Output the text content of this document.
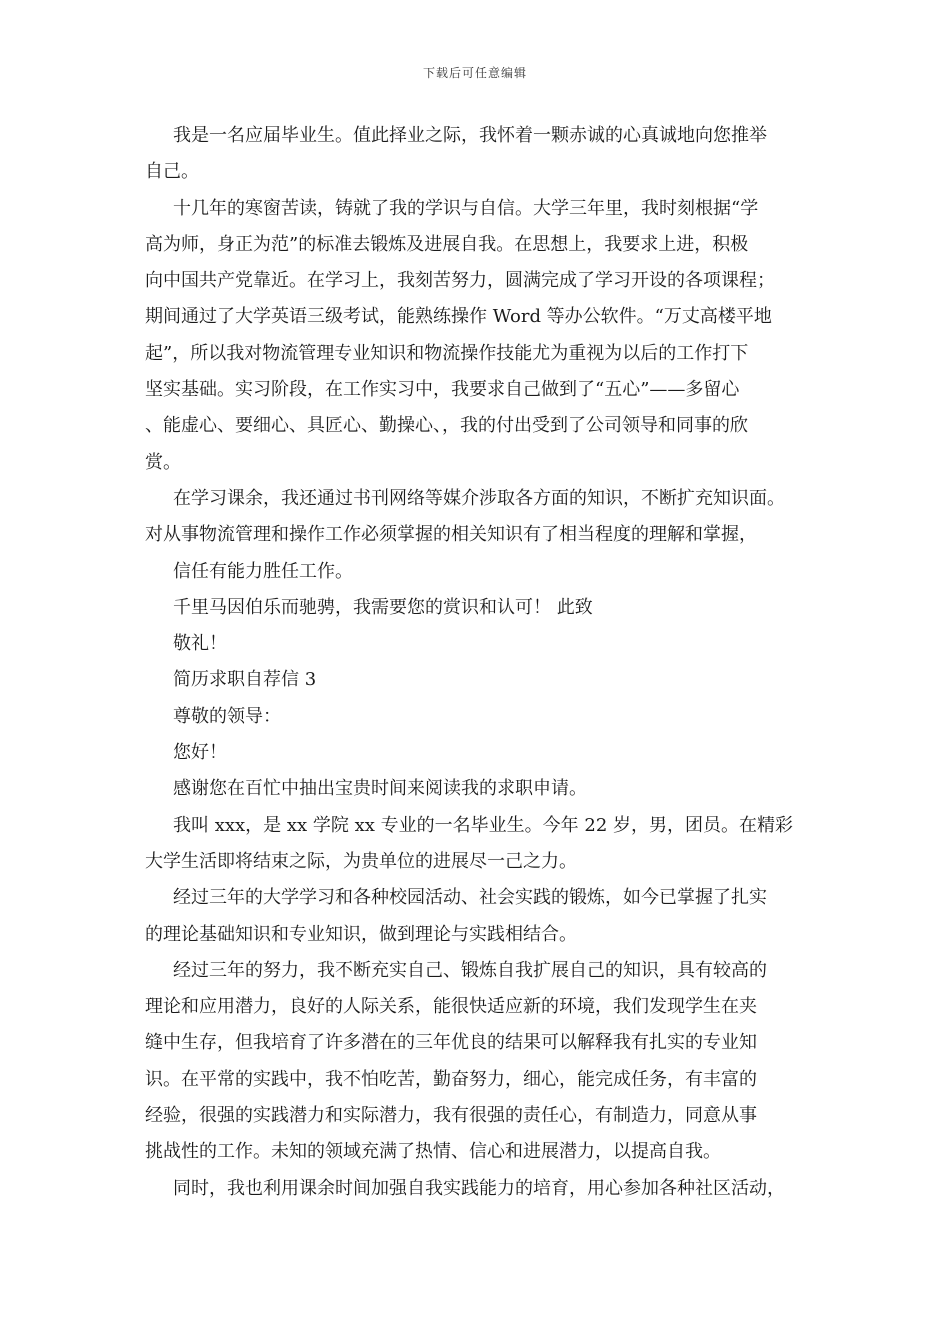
下载后可任意编辑
我是一名应届毕业生。值此择业之际，我怀着一颗赤诚的心真诚地向您推举
自己。
十几年的寒窗苦读，铸就了我的学识与自信。大学三年里，我时刻根据“学
高为师，身正为范”的标准去锻炼及进展自我。在思想上，我要求上进，积极
向中国共产党靠近。在学习上，我刻苦努力，圆满完成了学习开设的各项课程；
期间通过了大学英语三级考试，能熟练操作 Word 等办公软件。“万丈高楼平地
起”，所以我对物流管理专业知识和物流操作技能尤为重视为以后的工作打下
坚实基础。实习阶段，在工作实习中，我要求自己做到了“五心”——多留心
、能虚心、要细心、具匠心、勤操心、，我的付出受到了公司领导和同事的欣
赏。
在学习课余，我还通过书刊网络等媒介涉取各方面的知识，不断扩充知识面。
对从事物流管理和操作工作必须掌握的相关知识有了相当程度的理解和掌握，
信任有能力胜任工作。
千里马因伯乐而驰骋，我需要您的赏识和认可！ 此致
敬礼！
简历求职自荐信 3
尊敬的领导：
您好！
感谢您在百忙中抽出宝贵时间来阅读我的求职申请。
我叫 xxx，是 xx 学院 xx 专业的一名毕业生。今年 22 岁，男，团员。在精彩
大学生活即将结束之际，为贵单位的进展尽一己之力。
经过三年的大学学习和各种校园活动、社会实践的锻炼，如今已掌握了扎实
的理论基础知识和专业知识，做到理论与实践相结合。
经过三年的努力，我不断充实自己、锻炼自我扩展自己的知识，具有较高的
理论和应用潜力，良好的人际关系，能很快适应新的环境，我们发现学生在夹
缝中生存，但我培育了许多潜在的三年优良的结果可以解释我有扎实的专业知
识。在平常的实践中，我不怕吃苦，勤奋努力，细心，能完成任务，有丰富的
经验，很强的实践潜力和实际潜力，我有很强的责任心，有制造力，同意从事
挑战性的工作。未知的领域充满了热情、信心和进展潜力，以提高自我。
同时，我也利用课余时间加强自我实践能力的培育，用心参加各种社区活动，
